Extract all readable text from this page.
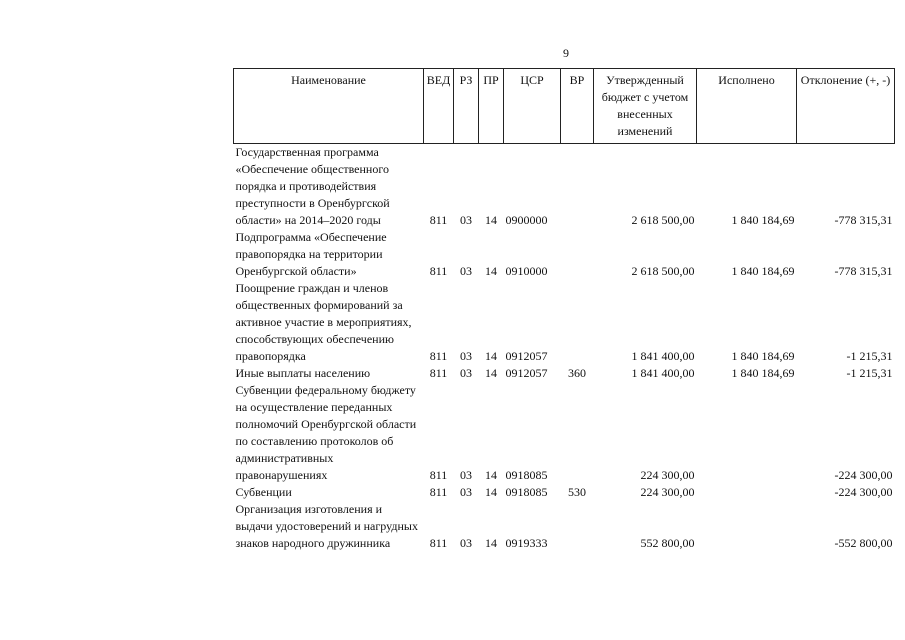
9
Наименование	ВЕД	РЗ	ПР	ЦСР	ВР	Утвержденный бюджет с учетом внесенных изменений	Исполнено	Отклонение (+, -)
Государственная программа «Обеспечение общественного порядка и противодействия преступности в Оренбургской области» на 2014–2020 годы	811	03	14	0900000		2 618 500,00	1 840 184,69	-778 315,31
Подпрограмма «Обеспечение правопорядка на территории Оренбургской области»	811	03	14	0910000		2 618 500,00	1 840 184,69	-778 315,31
Поощрение граждан и членов общественных формирований за активное участие в мероприятиях, способствующих обеспечению правопорядка	811	03	14	0912057		1 841 400,00	1 840 184,69	-1 215,31
Иные выплаты населению	811	03	14	0912057	360	1 841 400,00	1 840 184,69	-1 215,31
Субвенции федеральному бюджету на осуществление переданных полномочий Оренбургской области по составлению протоколов об административных правонарушениях	811	03	14	0918085		224 300,00		-224 300,00
Субвенции	811	03	14	0918085	530	224 300,00		-224 300,00
Организация изготовления и выдачи удостоверений и нагрудных знаков народного дружинника	811	03	14	0919333		552 800,00		-552 800,00
